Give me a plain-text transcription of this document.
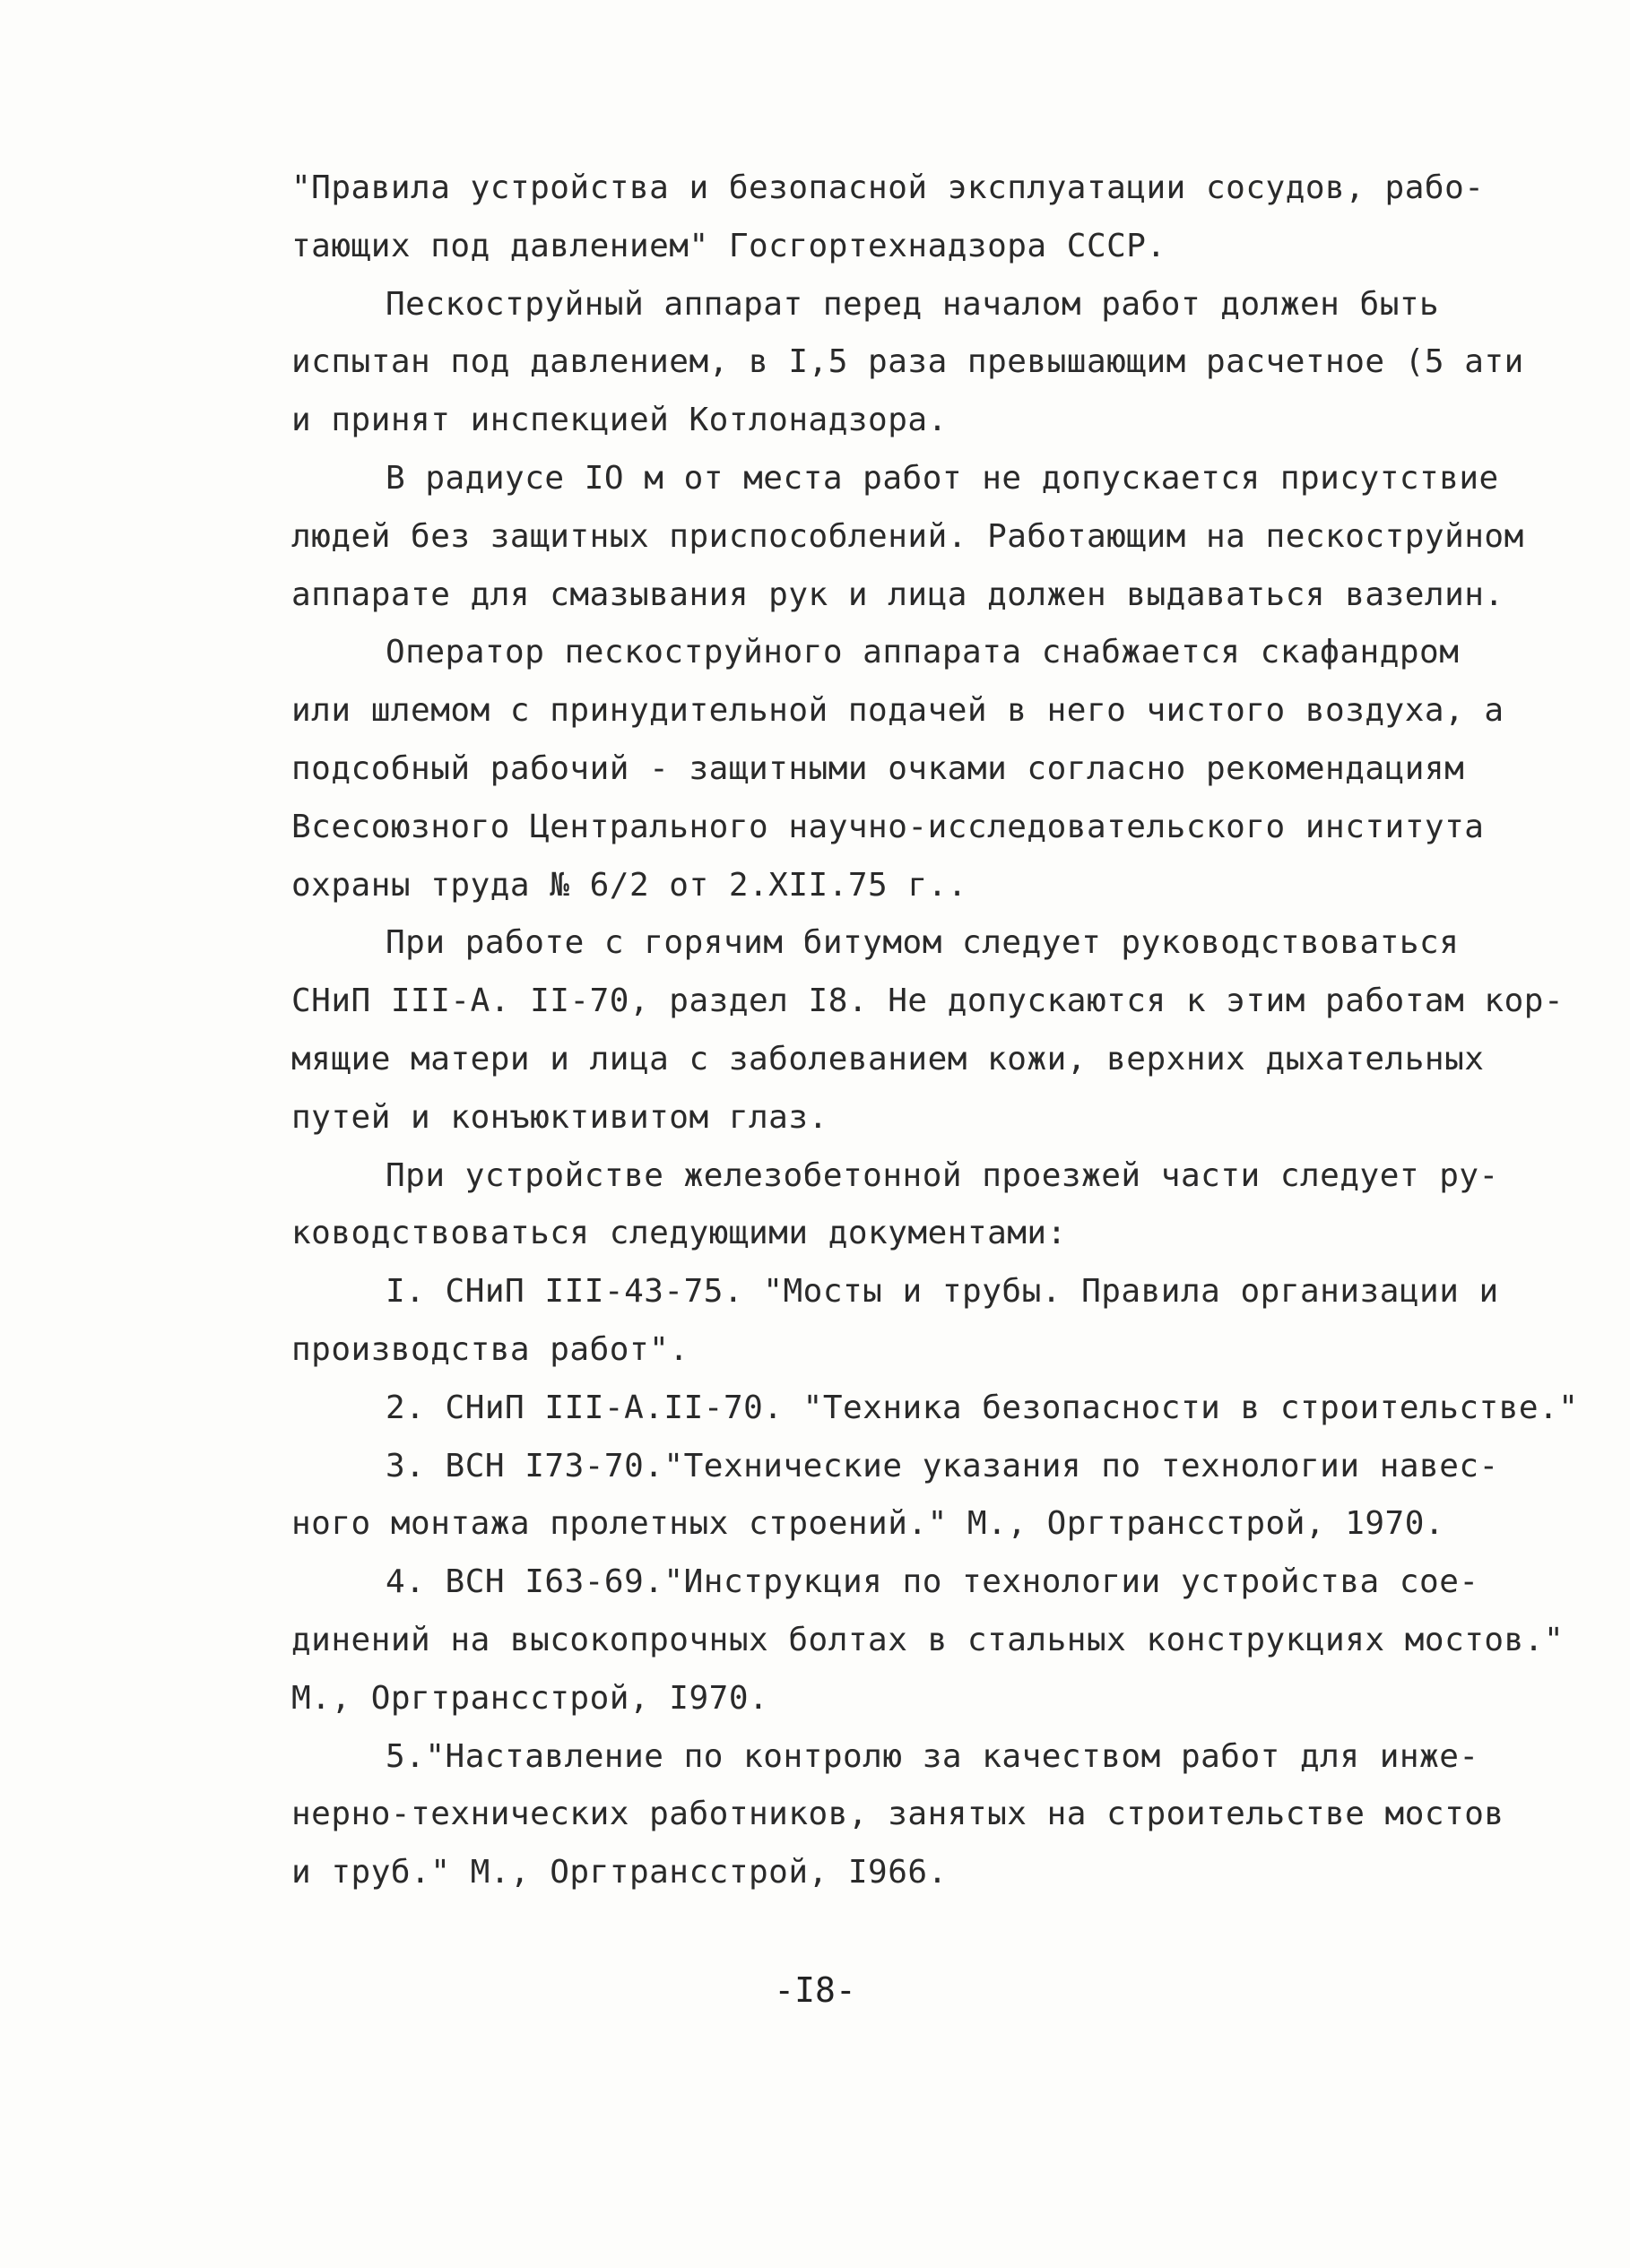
"Правила устройства и безопасной эксплуатации сосудов, рабо-
тающих под давлением" Госгортехнадзора СССР.
Пескоструйный аппарат перед началом работ должен быть
испытан под давлением, в I,5 раза превышающим расчетное (5 ати
и принят инспекцией Котлонадзора.
В радиусе IО м от места работ не допускается присутствие
людей без защитных приспособлений. Работающим на пескоструйном
аппарате для смазывания рук и лица должен выдаваться вазелин.
Оператор пескоструйного аппарата снабжается скафандром
или шлемом с принудительной подачей в него чистого воздуха, а
подсобный рабочий - защитными очками согласно рекомендациям
Всесоюзного Центрального научно-исследовательского института
охраны труда № 6/2 от 2.ХII.75 г..
При работе с горячим битумом следует руководствоваться
СНиП III-А. II-70, раздел I8. Не допускаются к этим работам кор-
мящие матери и лица с заболеванием кожи, верхних дыхательных
путей и конъюктивитом глаз.
При устройстве железобетонной проезжей части следует ру-
ководствоваться следующими документами:
I. СНиП III-43-75. "Мосты и трубы. Правила организации и
производства работ".
2. СНиП III-А.II-70. "Техника безопасности в строительстве."
3. ВСН I73-70."Технические указания по технологии навес-
ного монтажа пролетных строений." М., Оргтрансстрой, 1970.
4. ВСН I63-69."Инструкция по технологии устройства сое-
динений на высокопрочных болтах в стальных конструкциях мостов."
М., Оргтрансстрой, I970.
5."Наставление по контролю за качеством работ для инже-
нерно-технических работников, занятых на строительстве мостов
и труб." М., Оргтрансстрой, I966.
-I8-
